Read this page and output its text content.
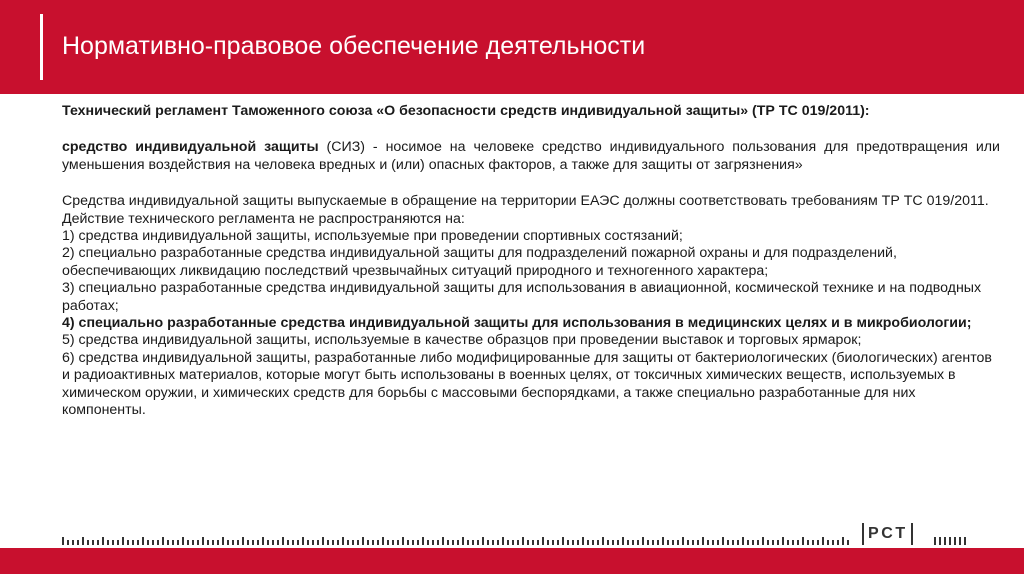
Нормативно-правовое обеспечение деятельности

Технический регламент Таможенного союза «О безопасности средств индивидуальной защиты» (ТР ТС 019/2011):

средство индивидуальной защиты (СИЗ) - носимое на человеке средство индивидуального пользования для предотвращения или уменьшения воздействия на человека вредных и (или) опасных факторов, а также для защиты от загрязнения»

Средства индивидуальной защиты выпускаемые в обращение на территории ЕАЭС должны соответствовать требованиям ТР ТС 019/2011.

Действие технического регламента не распространяются на:

1) средства индивидуальной защиты, используемые при проведении спортивных состязаний;

2) специально разработанные средства индивидуальной защиты для подразделений пожарной охраны и для подразделений, обеспечивающих ликвидацию последствий чрезвычайных ситуаций природного и техногенного характера;

3) специально разработанные средства индивидуальной защиты для использования в авиационной, космической технике и на подводных работах;

4) специально разработанные средства индивидуальной защиты для использования в медицинских целях и в микробиологии;

5) средства индивидуальной защиты, используемые в качестве образцов при проведении выставок и торговых ярмарок;

6) средства индивидуальной защиты, разработанные либо модифицированные для защиты от бактериологических (биологических) агентов и радиоактивных материалов, которые могут быть использованы в военных целях, от токсичных химических веществ, используемых в химическом оружии, и химических средств для борьбы с массовыми беспорядками, а также специально разработанные для них компоненты.

РСТ
